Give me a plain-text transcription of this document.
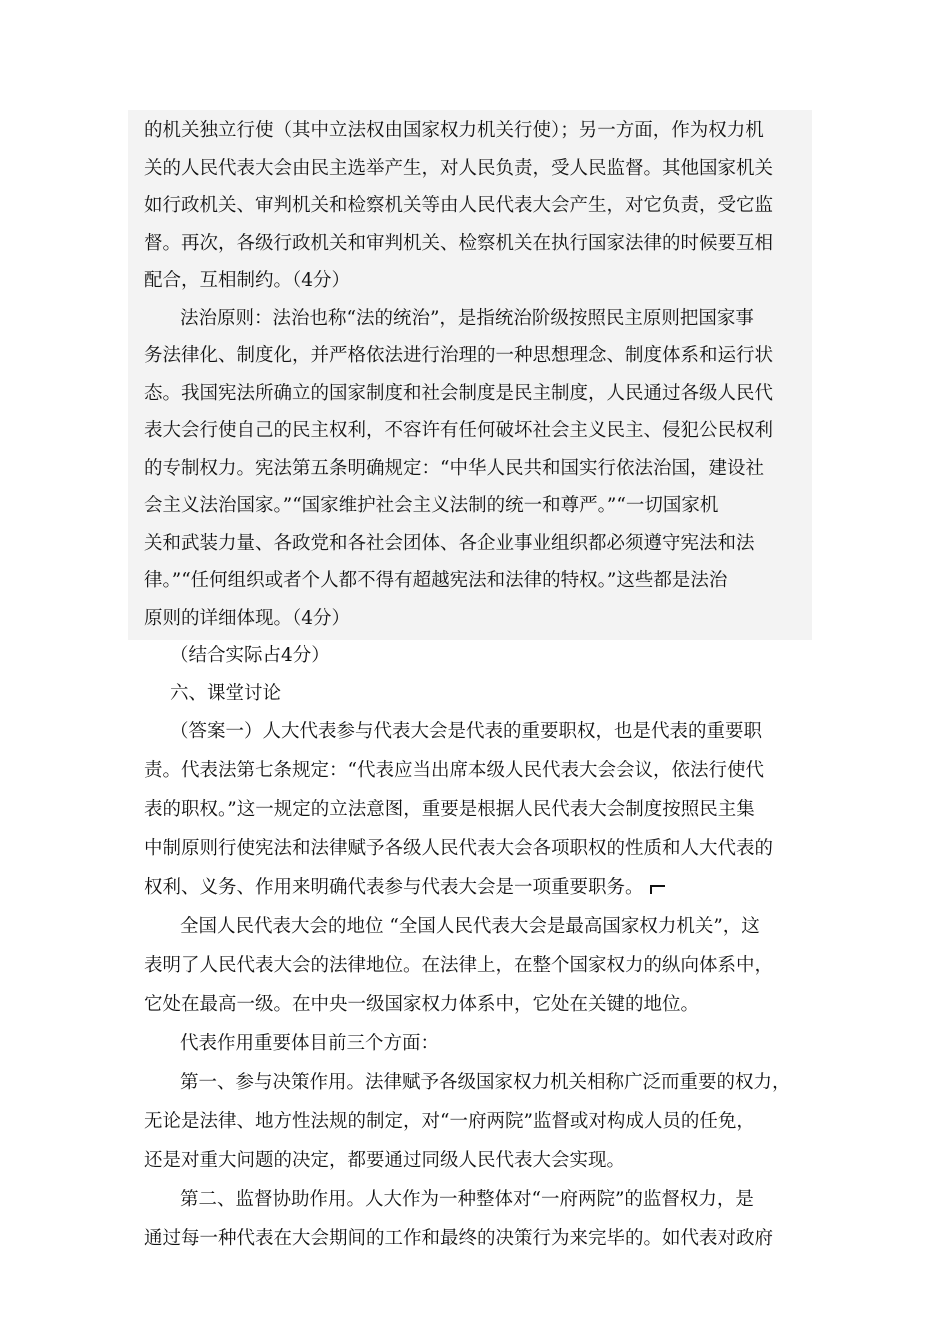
的机关独立行使（其中立法权由国家权力机关行使）；另一方面，作为权力机
关的人民代表大会由民主选举产生，对人民负责，受人民监督。其他国家机关
如行政机关、审判机关和检察机关等由人民代表大会产生，对它负责，受它监
督。再次，各级行政机关和审判机关、检察机关在执行国家法律的时候要互相
配合，互相制约。（4分）
法治原则：法治也称“法的统治”，是指统治阶级按照民主原则把国家事
务法律化、制度化，并严格依法进行治理的一种思想理念、制度体系和运行状
态。我国宪法所确立的国家制度和社会制度是民主制度，人民通过各级人民代
表大会行使自己的民主权利，不容许有任何破坏社会主义民主、侵犯公民权利
的专制权力。宪法第五条明确规定：“中华人民共和国实行依法治国，建设社
会主义法治国家。”“国家维护社会主义法制的统一和尊严。”“一切国家机
关和武装力量、各政党和各社会团体、各企业事业组织都必须遵守宪法和法
律。”“任何组织或者个人都不得有超越宪法和法律的特权。”这些都是法治
原则的详细体现。（4分）
（结合实际占4分）
六、课堂讨论
（答案一）人大代表参与代表大会是代表的重要职权，也是代表的重要职
责。代表法第七条规定：“代表应当出席本级人民代表大会会议，依法行使代
表的职权。”这一规定的立法意图，重要是根据人民代表大会制度按照民主集
中制原则行使宪法和法律赋予各级人民代表大会各项职权的性质和人大代表的
权利、义务、作用来明确代表参与代表大会是一项重要职务。
全国人民代表大会的地位 “全国人民代表大会是最高国家权力机关”，这
表明了人民代表大会的法律地位。在法律上，在整个国家权力的纵向体系中，
它处在最高一级。在中央一级国家权力体系中，它处在关键的地位。
代表作用重要体目前三个方面：
第一、参与决策作用。法律赋予各级国家权力机关相称广泛而重要的权力，
无论是法律、地方性法规的制定，对“一府两院”监督或对构成人员的任免，
还是对重大问题的决定，都要通过同级人民代表大会实现。
第二、监督协助作用。人大作为一种整体对“一府两院”的监督权力，是
通过每一种代表在大会期间的工作和最终的决策行为来完毕的。如代表对政府
